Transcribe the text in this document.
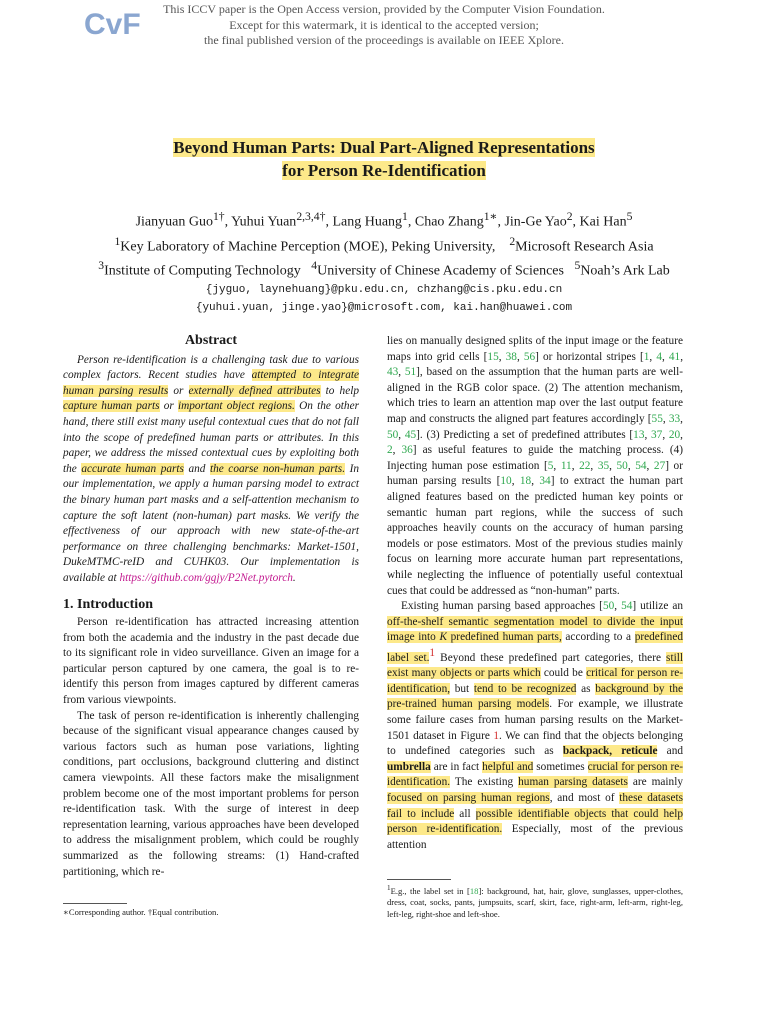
CvF This ICCV paper is the Open Access version, provided by the Computer Vision Foundation.
Except for this watermark, it is identical to the accepted version;
the final published version of the proceedings is available on IEEE Xplore.
Beyond Human Parts: Dual Part-Aligned Representations
for Person Re-Identification
Jianyuan Guo$^{1\dagger}$, Yuhui Yuan$^{2,3,4\dagger}$, Lang Huang$^1$, Chao Zhang$^{1∗}$, Jin-Ge Yao$^2$, Kai Han$^5$
$^1$Key Laboratory of Machine Perception (MOE), Peking University, $^2$Microsoft Research Asia
$^3$Institute of Computing Technology $^4$University of Chinese Academy of Sciences $^5$Noah’s Ark Lab
{jyguo, laynehuang}@pku.edu.cn, chzhang@cis.pku.edu.cn
{yuhui.yuan, jinge.yao}@microsoft.com, kai.han@huawei.com
Abstract

Person re-identification is a challenging task due to various complex factors. Recent studies have attempted to integrate human parsing results or externally defined attributes to help capture human parts or important object regions. On the other hand, there still exist many useful contextual cues that do not fall into the scope of predefined human parts or attributes. In this paper, we address the missed contextual cues by exploiting both the accurate human parts and the coarse non-human parts. In our implementation, we apply a human parsing model to extract the binary human part masks and a self-attention mechanism to capture the soft latent (non-human) part masks. We verify the effectiveness of our approach with new state-of-the-art performance on three challenging benchmarks: Market-1501, DukeMTMC-reID and CUHK03. Our implementation is available at https://github.com/ggjy/P2Net.pytorch.

1. Introduction

Person re-identification has attracted increasing attention from both the academia and the industry in the past decade due to its significant role in video surveillance. Given an image for a particular person captured by one camera, the goal is to re-identify this person from images captured by different cameras from various viewpoints.

The task of person re-identification is inherently challenging because of the significant visual appearance changes caused by various factors such as human pose variations, lighting conditions, part occlusions, background cluttering and distinct camera viewpoints. All these factors make the misalignment problem become one of the most important problems for person re-identification task. With the surge of interest in deep representation learning, various approaches have been developed to address the misalignment problem, which could be roughly summarized as the following streams: (1) Hand-crafted partitioning, which re-

lies on manually designed splits of the input image or the feature maps into grid cells [15, 38, 56] or horizontal stripes [1, 4, 41, 43, 51], based on the assumption that the human parts are well-aligned in the RGB color space. (2) The attention mechanism, which tries to learn an attention map over the last output feature map and constructs the aligned part features accordingly [55, 33, 50, 45]. (3) Predicting a set of predefined attributes [13, 37, 20, 2, 36] as useful features to guide the matching process. (4) Injecting human pose estimation [5, 11, 22, 35, 50, 54, 27] or human parsing results [10, 18, 34] to extract the human part aligned features based on the predicted human key points or semantic human part regions, while the success of such approaches heavily counts on the accuracy of human parsing models or pose estimators. Most of the previous studies mainly focus on learning more accurate human part representations, while neglecting the influence of potentially useful contextual cues that could be addressed as “non-human” parts.

Existing human parsing based approaches [50, 54] utilize an off-the-shelf semantic segmentation model to divide the input image into K predefined human parts, according to a predefined label set.1 Beyond these predefined part categories, there still exist many objects or parts which could be critical for person re-identification, but tend to be recognized as background by the pre-trained human parsing models. For example, we illustrate some failure cases from human parsing results on the Market-1501 dataset in Figure 1. We can find that the objects belonging to undefined categories such as backpack, reticule and umbrella are in fact helpful and sometimes crucial for person re-identification. The existing human parsing datasets are mainly focused on parsing human regions, and most of these datasets fail to include all possible identifiable objects that could help person re-identification. Especially, most of the previous attention

∗Corresponding author. †Equal contribution.
$^1$E.g., the label set in [18]: background, hat, hair, glove, sunglasses, upper-clothes, dress, coat, socks, pants, jumpsuits, scarf, skirt, face, right-arm, left-arm, right-leg, left-leg, right-shoe and left-shoe.
